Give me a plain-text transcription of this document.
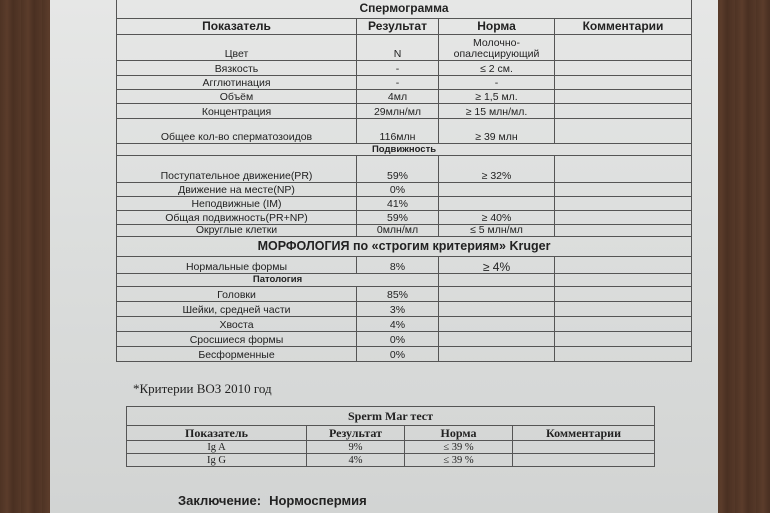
Спермограмма			
Показатель	Результат	Норма	Комментарии
Цвет	N	Молочно-опалесцирующий	
Вязкость	-	≤ 2 см.	
Агглютинация	-	-	
Объём	4мл	≥ 1,5 мл.	
Концентрация	29млн/мл	≥ 15 млн/мл.	
Общее кол-во сперматозоидов	116млн	≥ 39 млн	
Подвижность			
Поступательное движение(PR)	59%	≥ 32%	
Движение на месте(NP)	0%		
Неподвижные (IM)	41%		
Общая подвижность(PR+NP)	59%	≥ 40%	
Округлые клетки	0млн/мл	≤ 5 млн/мл	
МОРФОЛОГИЯ по «строгим критериям» Kruger			
Нормальные формы	8%	≥ 4%	
Патология			
Головки	85%		
Шейки, средней части	3%		
Хвоста	4%		
Сросшиеся формы	0%		
Бесформенные	0%		
*Критерии ВОЗ 2010 год
Sperm Mar тест			
Показатель	Результат	Норма	Комментарии
Ig A	9%	≤ 39 %	
Ig G	4%	≤ 39 %	
Заключение: Нормоспермия
